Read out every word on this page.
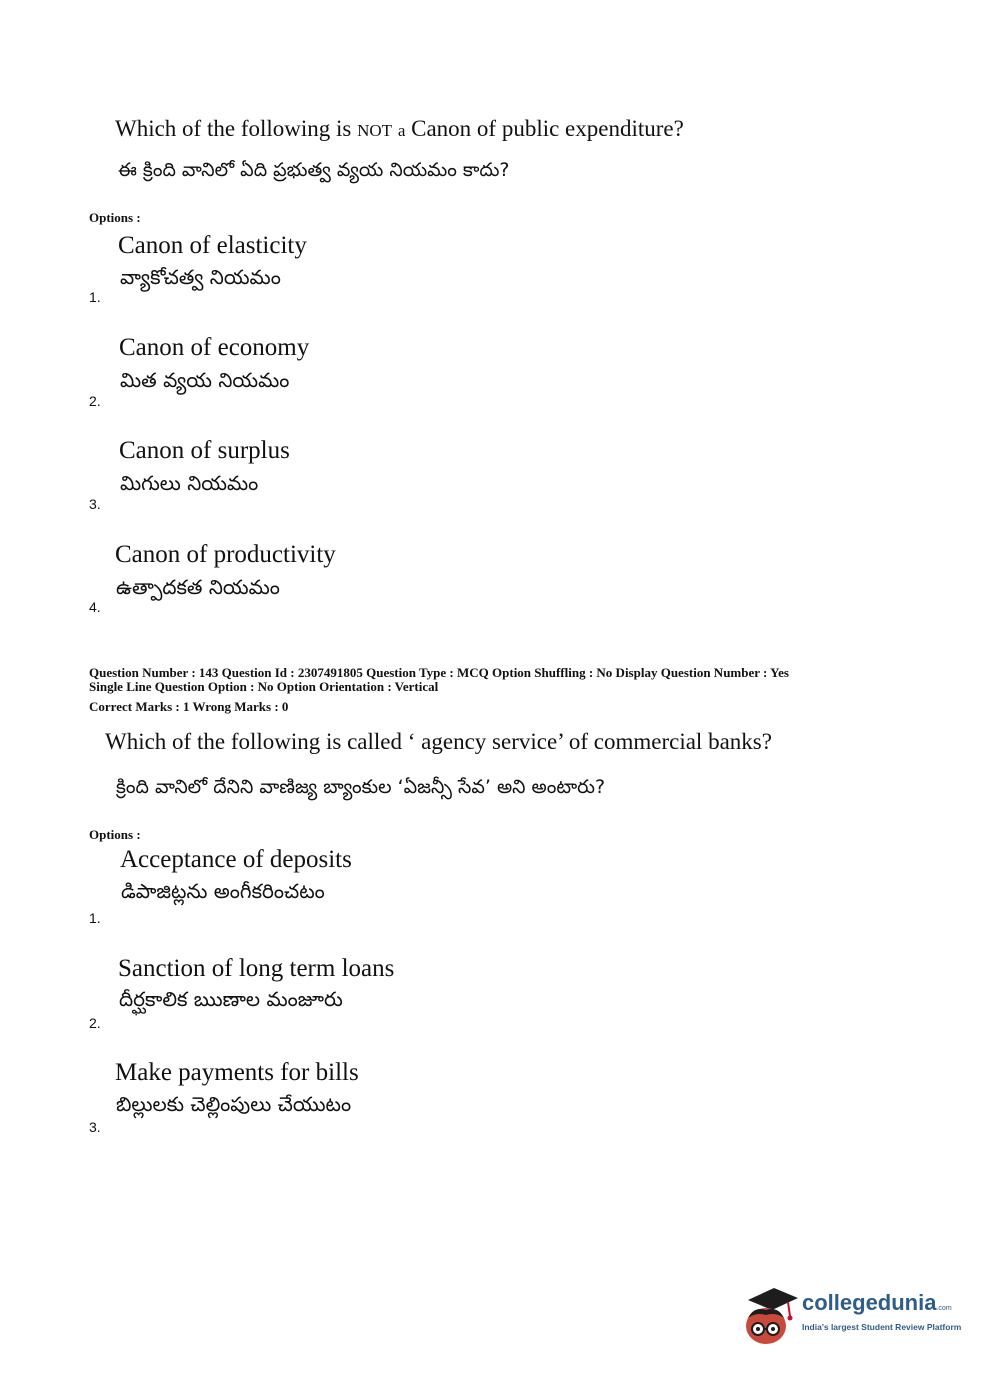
Which of the following is NOT a Canon of public expenditure?
ఈ క్రింది వానిలో ఏది ప్రభుత్వ వ్యయ నియమం కాదు?
Options :
Canon of elasticity
వ్యాకోచత్వ నియమం
1.
Canon of economy
మిత వ్యయ నియమం
2.
Canon of surplus
మిగులు నియమం
3.
Canon of productivity
ఉత్పాదకత నియమం
4.
Question Number : 143 Question Id : 2307491805 Question Type : MCQ Option Shuffling : No Display Question Number : Yes
Single Line Question Option : No Option Orientation : Vertical
Correct Marks : 1 Wrong Marks : 0
Which of the following is called ‘ agency service’ of commercial banks?
క్రింది వానిలో దేనిని వాణిజ్య బ్యాంకుల ‘ఏజన్సీ సేవ’ అని అంటారు?
Options :
Acceptance of deposits
డిపాజిట్లను అంగీకరించటం
1.
Sanction of long term loans
దీర్ఘకాలిక ఋణాల మంజూరు
2.
Make payments for bills
బిల్లులకు చెల్లింపులు చేయుటం
3.
collegedunia.com
India's largest Student Review Platform
